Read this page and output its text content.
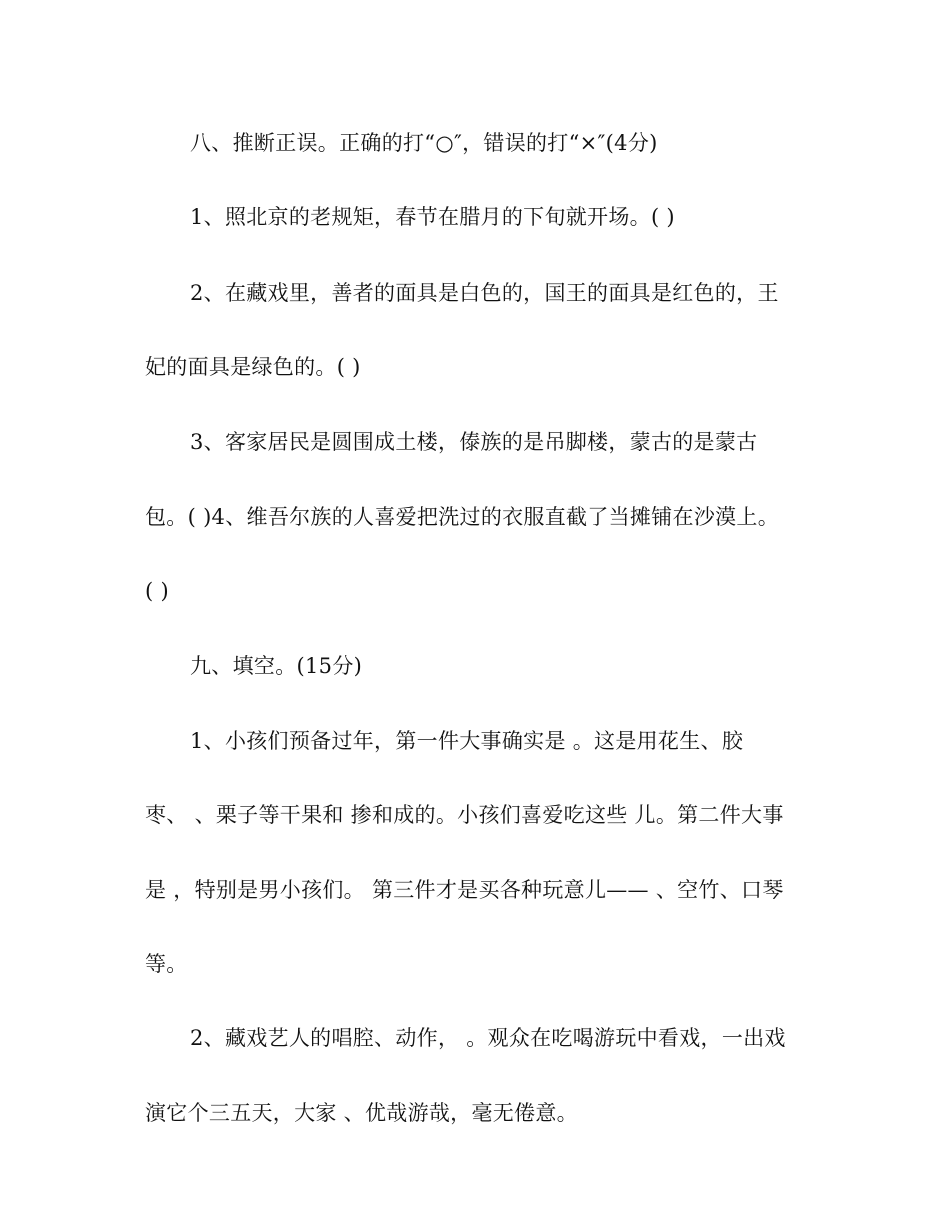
八、推断正误。正确的打“○″，错误的打“×″(4分)
1、照北京的老规矩，春节在腊月的下旬就开场。( )
2、在藏戏里，善者的面具是白色的，国王的面具是红色的，王
妃的面具是绿色的。( )
3、客家居民是圆围成土楼，傣族的是吊脚楼，蒙古的是蒙古
包。( )4、维吾尔族的人喜爱把洗过的衣服直截了当摊铺在沙漠上。
( )
九、填空。(15分)
1、小孩们预备过年，第一件大事确实是 。这是用花生、胶
枣、 、栗子等干果和 掺和成的。小孩们喜爱吃这些 儿。第二件大事
是 ，特别是男小孩们。 第三件才是买各种玩意儿—— 、空竹、口琴
等。
2、藏戏艺人的唱腔、动作， 。观众在吃喝游玩中看戏，一出戏
演它个三五天，大家 、优哉游哉，毫无倦意。
